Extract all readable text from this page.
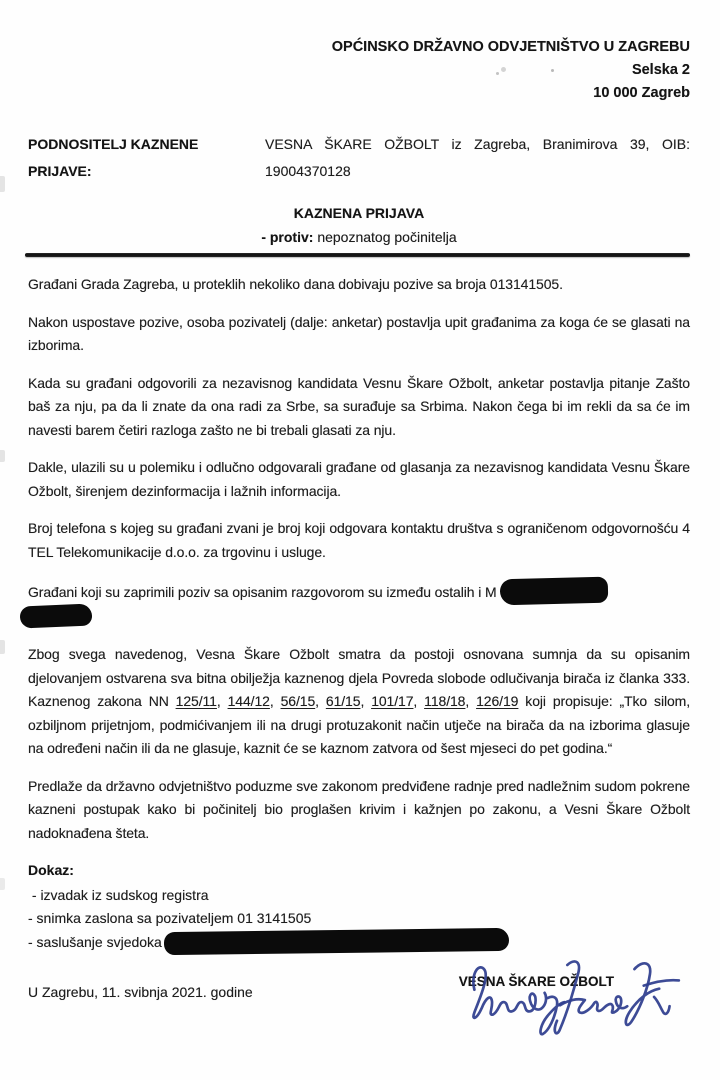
OPĆINSKO DRŽAVNO ODVJETNIŠTVO U ZAGREBU
Selska 2
10 000 Zagreb
PODNOSITELJ KAZNENE PRIJAVE:
VESNA ŠKARE OŽBOLT iz Zagreba, Branimirova 39, OIB:
19004370128
KAZNENA PRIJAVA
- protiv: nepoznatog počinitelja
Građani Grada Zagreba, u proteklih nekoliko dana dobivaju pozive sa broja 013141505.
Nakon uspostave pozive, osoba pozivatelj (dalje: anketar) postavlja upit građanima za koga će se glasati na izborima.
Kada su građani odgovorili za nezavisnog kandidata Vesnu Škare Ožbolt, anketar postavlja pitanje Zašto baš za nju, pa da li znate da ona radi za Srbe, sa surađuje sa Srbima. Nakon čega bi im rekli da sa će im navesti barem četiri razloga zašto ne bi trebali glasati za nju.
Dakle, ulazili su u polemiku i odlučno odgovarali građane od glasanja za nezavisnog kandidata Vesnu Škare Ožbolt, širenjem dezinformacija i lažnih informacija.
Broj telefona s kojeg su građani zvani je broj koji odgovara kontaktu društva s ograničenom odgovornošću 4 TEL Telekomunikacije d.o.o. za trgovinu i usluge.
Građani koji su zaprimili poziv sa opisanim razgovorom su između ostalih i M

Zbog svega navedenog, Vesna Škare Ožbolt smatra da postoji osnovana sumnja da su opisanim djelovanjem ostvarena sva bitna obilježja kaznenog djela Povreda slobode odlučivanja birača iz članka 333. Kaznenog zakona NN 125/11, 144/12, 56/15, 61/15, 101/17, 118/18, 126/19 koji propisuje: „Tko silom, ozbiljnom prijetnjom, podmićivanjem ili na drugi protuzakonit način utječe na birača da na izborima glasuje na određeni način ili da ne glasuje, kaznit će se kaznom zatvora od šest mjeseci do pet godina.“
Predlaže da državno odvjetništvo poduzme sve zakonom predviđene radnje pred nadležnim sudom pokrene kazneni postupak kako bi počinitelj bio proglašen krivim i kažnjen po zakonu, a Vesni Škare Ožbolt nadoknađena šteta.
Dokaz:
- izvadak iz sudskog registra
- snimka zaslona sa pozivateljem 01 3141505
- saslušanje svjedoka
U Zagrebu, 11. svibnja 2021. godine
VESNA ŠKARE OŽBOLT
